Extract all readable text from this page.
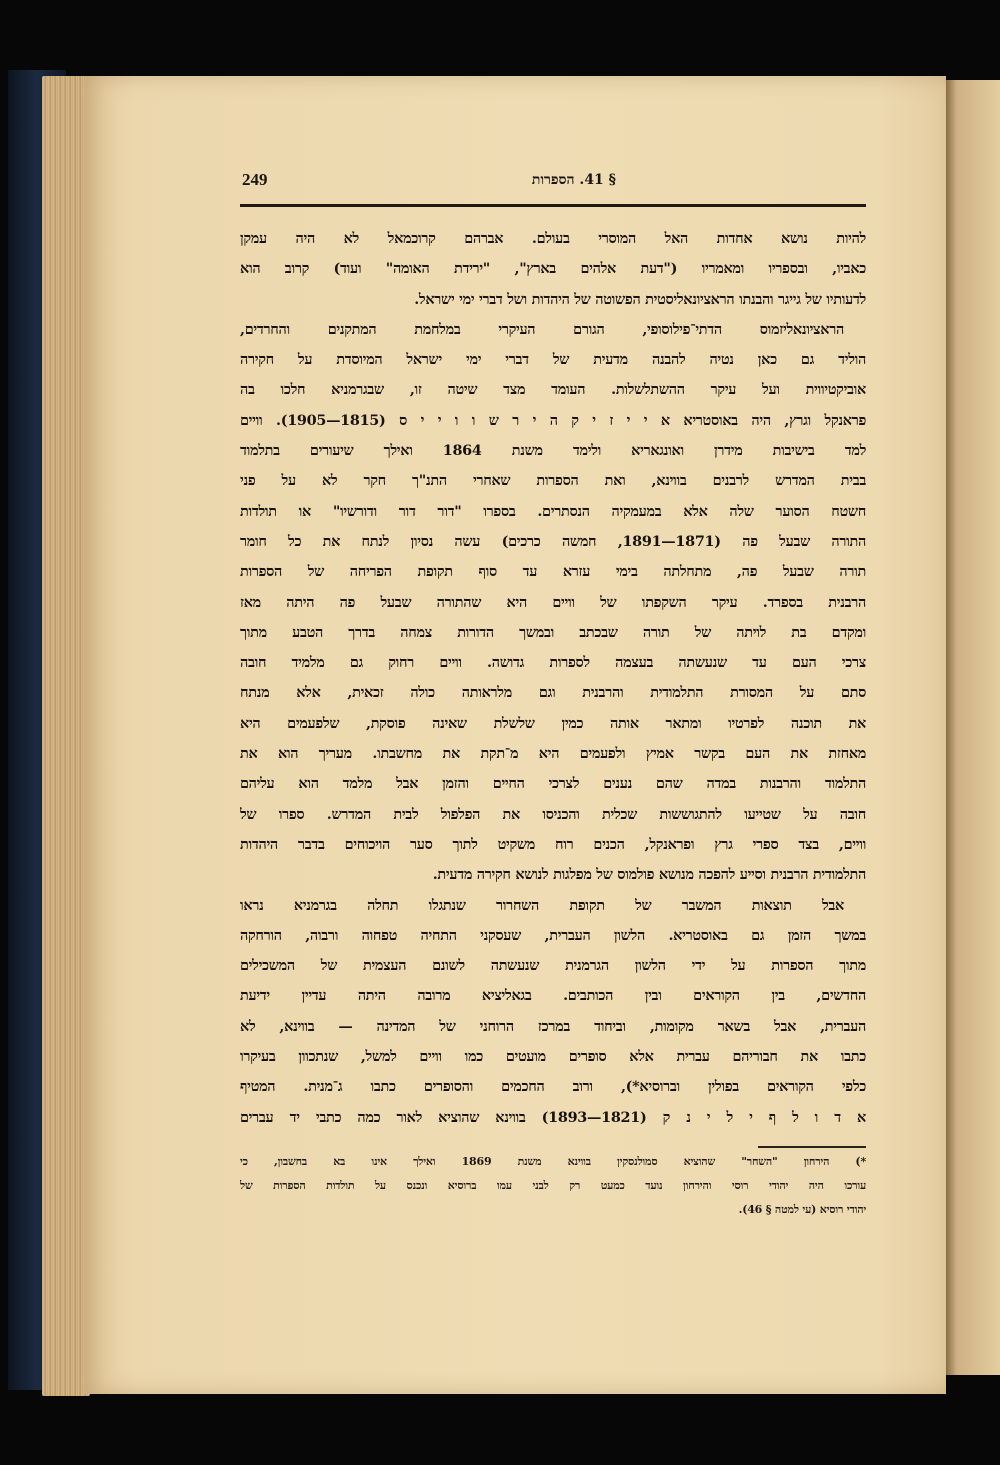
249	§ 41. הספרות
להיות נושא אחדות האל המוסרי בעולם. אברהם קרוכמאל לא היה עמקן
כאביו, ובספריו ומאמריו ("דעת אלהים בארץ", "ירידת האומה" ועוד) קרוב הוא
לדעותיו של גייגר והבנתו הראציונאליסטית הפשוטה של היהדות ושל דברי ימי ישראל.
הראציונאליזמוס הדתי־פילוסופי, הגורם העיקרי במלחמת המתקנים והחרדים,
הוליד גם כאן נטיה להבנה מדעית של דברי ימי ישראל המיוסדת על חקירה
אוביקטיווית ועל עיקר ההשתלשלות. העומד מצד שיטה זו, שבגרמניא חלכו בה
פראנקל וגרץ, היה באוסטריא א י י ז י ק ה י ר ש ו ו י י ס (1815—1905). וויים
למד בישיבות מידרן ואונגאריא ולימד משנת 1864 ואילך שיעורים בתלמוד
בבית המדרש לרבנים בווינא, ואת הספרות שאחרי התנ"ך חקר לא על פני
חשטח הסוער שלה אלא במעמקיה הנסתרים. בספרו "דור דור ודורשיו" או תולדות
התורה שבעל פה (1871—1891, חמשה כרכים) עשה נסיון לנתח את כל חומר
תורה שבעל פה, מתחלתה בימי עזרא עד סוף תקופת הפריחה של הספרות
הרבנית בספרד. עיקר השקפתו של וויים היא שהתורה שבעל פה היתה מאז
ומקדם בת לויתה של תורה שבכתב ובמשך הדורות צמחה בדרך הטבע מתוך
צרכי העם עד שנעשתה בעצמה לספרות גדושה. וויים רחוק גם מלמיד חובה
סתם על המסורת התלמודית והרבנית וגם מלראותה כולה זכאית, אלא מנתח
את תוכנה לפרטיו ומתאר אותה כמין שלשלת שאינה פוסקת, שלפעמים היא
מאחזת את העם בקשר אמיץ ולפעמים היא מ־תקת את מחשבתו. מעריך הוא את
התלמוד והרבנות במדה שהם נענים לצרכי החיים והזמן אבל מלמד הוא עליהם
חובה על שטייעו להתגוששות שכלית והכניסו את הפלפול לבית המדרש. ספרו של
וויים, בצד ספרי גרץ ופראנקל, הכנים רוח משקיט לתוך סער הויכוחים בדבר היהדות
התלמודית הרבנית וסייע להפכה מנושא פולמוס של מפלגות לנושא חקירה מדעית.
אבל תוצאות המשבר של תקופת השחרור שנתגלו תחלה בגרמניא נראו
במשך הזמן גם באוסטריא. הלשון העברית, שעסקני התחיה טפחוה ורבוה, הורחקה
מתוך הספרות על ידי הלשון הגרמנית שנעשתה לשונם העצמית של המשכילים
החדשים, בין הקוראים ובין הכותבים. בגאליציא מרובה היתה עדיין ידיעת
העברית, אבל בשאר מקומות, וביחוד במרכז הרוחני של המדינה — בווינא, לא
כתבו את חבוריהם עברית אלא סופרים מועטים כמו וויים למשל, שנתכוון בעיקרו
כלפי הקוראים בפולין וברוסיא*), ורוב החכמים והסופרים כתבו ג־מנית. המטיף
א ד ו ל ף י ל י נ ק (1821—1893) בווינא שהוציא לאור כמה כתבי יד עברים
*) הירחון "השחר" שהוציא סמולנסקין בווינא משנת 1869 ואילך אינו בא בחשבון, כי
עורכו היה יהודי רוסי והירחון נועד כמעט רק לבני עמו ברוסיא ונכנס על תולדות הספרות של
יהודי רוסיא (עי למטה § 46).
